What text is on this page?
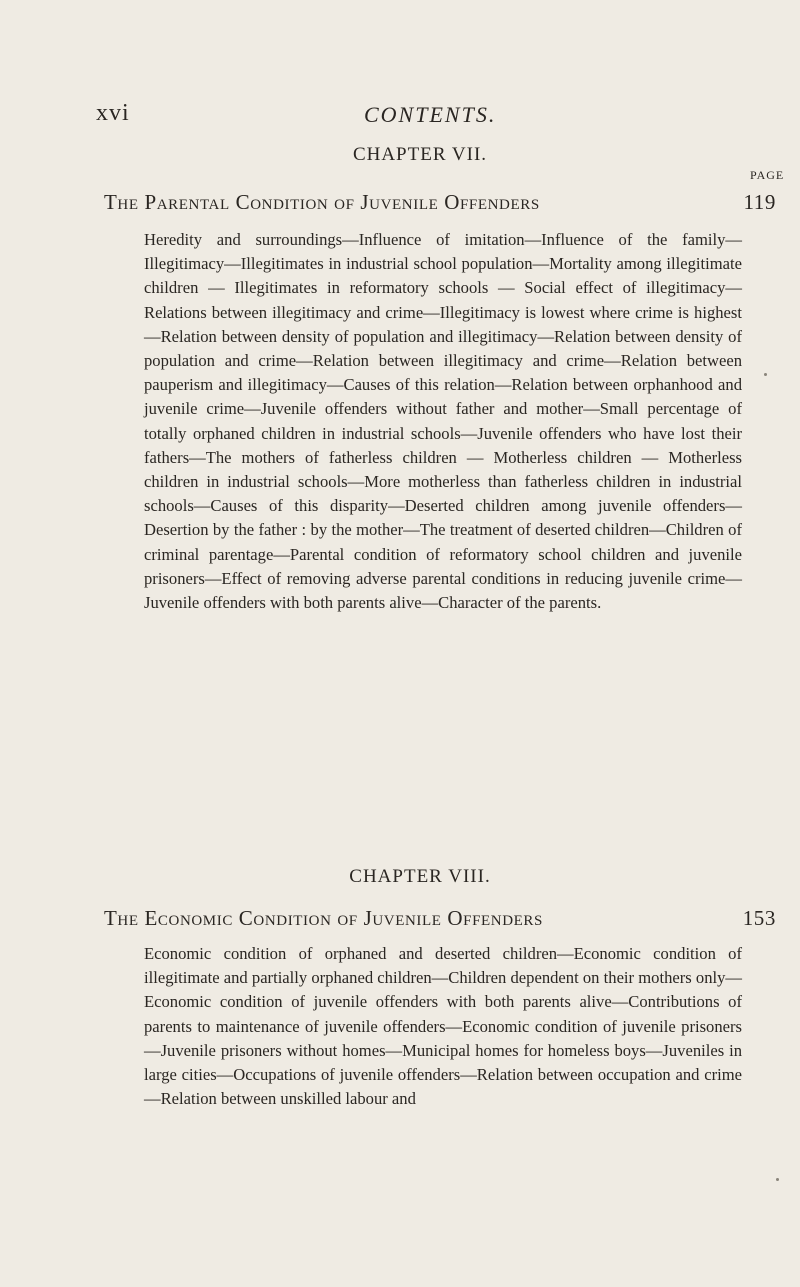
xvi	CONTENTS.
CHAPTER VII.
PAGE
The Parental Condition of Juvenile Offenders	119

Heredity and surroundings—Influence of imitation—Influence of the family—Illegitimacy—Illegitimates in industrial school population—Mortality among illegitimate children — Illegitimates in reformatory schools — Social effect of illegitimacy—Relations between illegitimacy and crime—Illegitimacy is lowest where crime is highest—Relation between density of population and illegitimacy—Relation between density of population and crime—Relation between illegitimacy and crime—Relation between pauperism and illegitimacy—Causes of this relation—Relation between orphanhood and juvenile crime—Juvenile offenders without father and mother—Small percentage of totally orphaned children in industrial schools—Juvenile offenders who have lost their fathers—The mothers of fatherless children — Motherless children — Motherless children in industrial schools—More motherless than fatherless children in industrial schools—Causes of this disparity—Deserted children among juvenile offenders—Desertion by the father : by the mother—The treatment of deserted children—Children of criminal parentage—Parental condition of reformatory school children and juvenile prisoners—Effect of removing adverse parental conditions in reducing juvenile crime—Juvenile offenders with both parents alive—Character of the parents.

CHAPTER VIII.
The Economic Condition of Juvenile Offenders	153

Economic condition of orphaned and deserted children—Economic condition of illegitimate and partially orphaned children—Children dependent on their mothers only—Economic condition of juvenile offenders with both parents alive—Contributions of parents to maintenance of juvenile offenders—Economic condition of juvenile prisoners—Juvenile prisoners without homes—Municipal homes for homeless boys—Juveniles in large cities—Occupations of juvenile offenders—Relation between occupation and crime—Relation between unskilled labour and
